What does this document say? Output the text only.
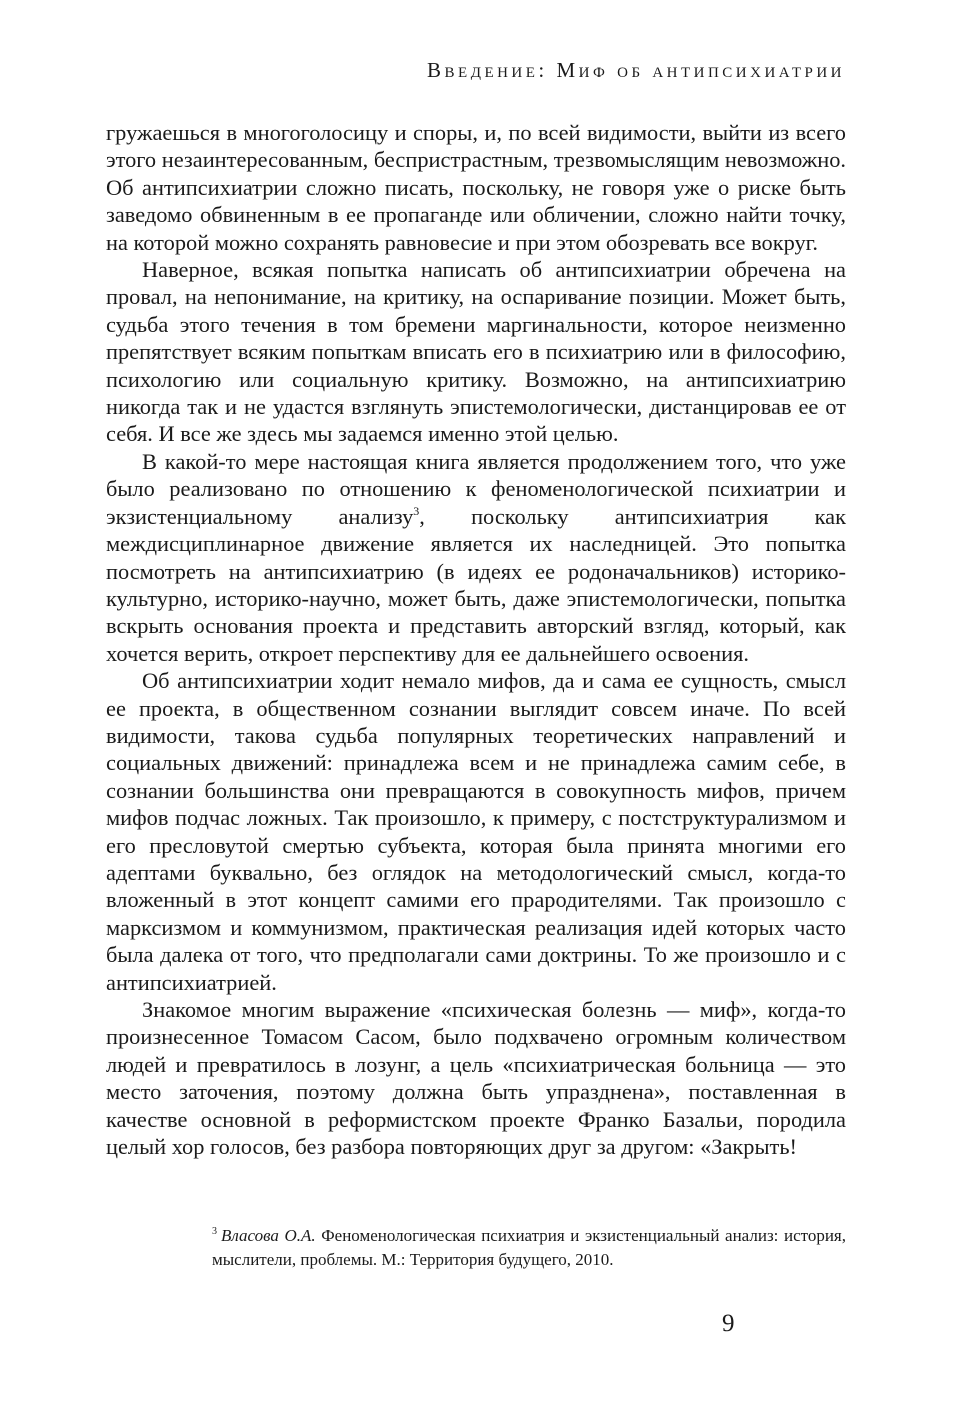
Введение: Миф об антипсихиатрии

гружаешься в многоголосицу и споры, и, по всей видимости, выйти из всего этого незаинтересованным, беспристрастным, трезвомыслящим невозможно. Об антипсихиатрии сложно писать, поскольку, не говоря уже о риске быть заведомо обвиненным в ее пропаганде или обличении, сложно найти точку, на которой можно сохранять равновесие и при этом обозревать все вокруг.

Наверное, всякая попытка написать об антипсихиатрии обречена на провал, на непонимание, на критику, на оспаривание позиции. Может быть, судьба этого течения в том бремени маргинальности, которое неизменно препятствует всяким попыткам вписать его в психиатрию или в философию, психологию или социальную критику. Возможно, на антипсихиатрию никогда так и не удастся взглянуть эпистемологически, дистанцировав ее от себя. И все же здесь мы задаемся именно этой целью.

В какой-то мере настоящая книга является продолжением того, что уже было реализовано по отношению к феноменологической психиатрии и экзистенциальному анализу$^3$, поскольку антипсихиатрия как междисциплинарное движение является их наследницей. Это попытка посмотреть на антипсихиатрию (в идеях ее родоначальников) историко-культурно, историко-научно, может быть, даже эпистемологически, попытка вскрыть основания проекта и представить авторский взгляд, который, как хочется верить, откроет перспективу для ее дальнейшего освоения.

Об антипсихиатрии ходит немало мифов, да и сама ее сущность, смысл ее проекта, в общественном сознании выглядит совсем иначе. По всей видимости, такова судьба популярных теоретических направлений и социальных движений: принадлежа всем и не принадлежа самим себе, в сознании большинства они превращаются в совокупность мифов, причем мифов подчас ложных. Так произошло, к примеру, с постструктурализмом и его пресловутой смертью субъекта, которая была принята многими его адептами буквально, без оглядок на методологический смысл, когда-то вложенный в этот концепт самими его прародителями. Так произошло с марксизмом и коммунизмом, практическая реализация идей которых часто была далека от того, что предполагали сами доктрины. То же произошло и с антипсихиатрией.

Знакомое многим выражение «психическая болезнь — миф», когда-то произнесенное Томасом Сасом, было подхвачено огромным количеством людей и превратилось в лозунг, а цель «психиатрическая больница — это место заточения, поэтому должна быть упразднена», поставленная в качестве основной в реформистском проекте Франко Базальи, породила целый хор голосов, без разбора повторяющих друг за другом: «Закрыть!

$^3$ Власова О.А. Феноменологическая психиатрия и экзистенциальный анализ: история, мыслители, проблемы. М.: Территория будущего, 2010.
9
